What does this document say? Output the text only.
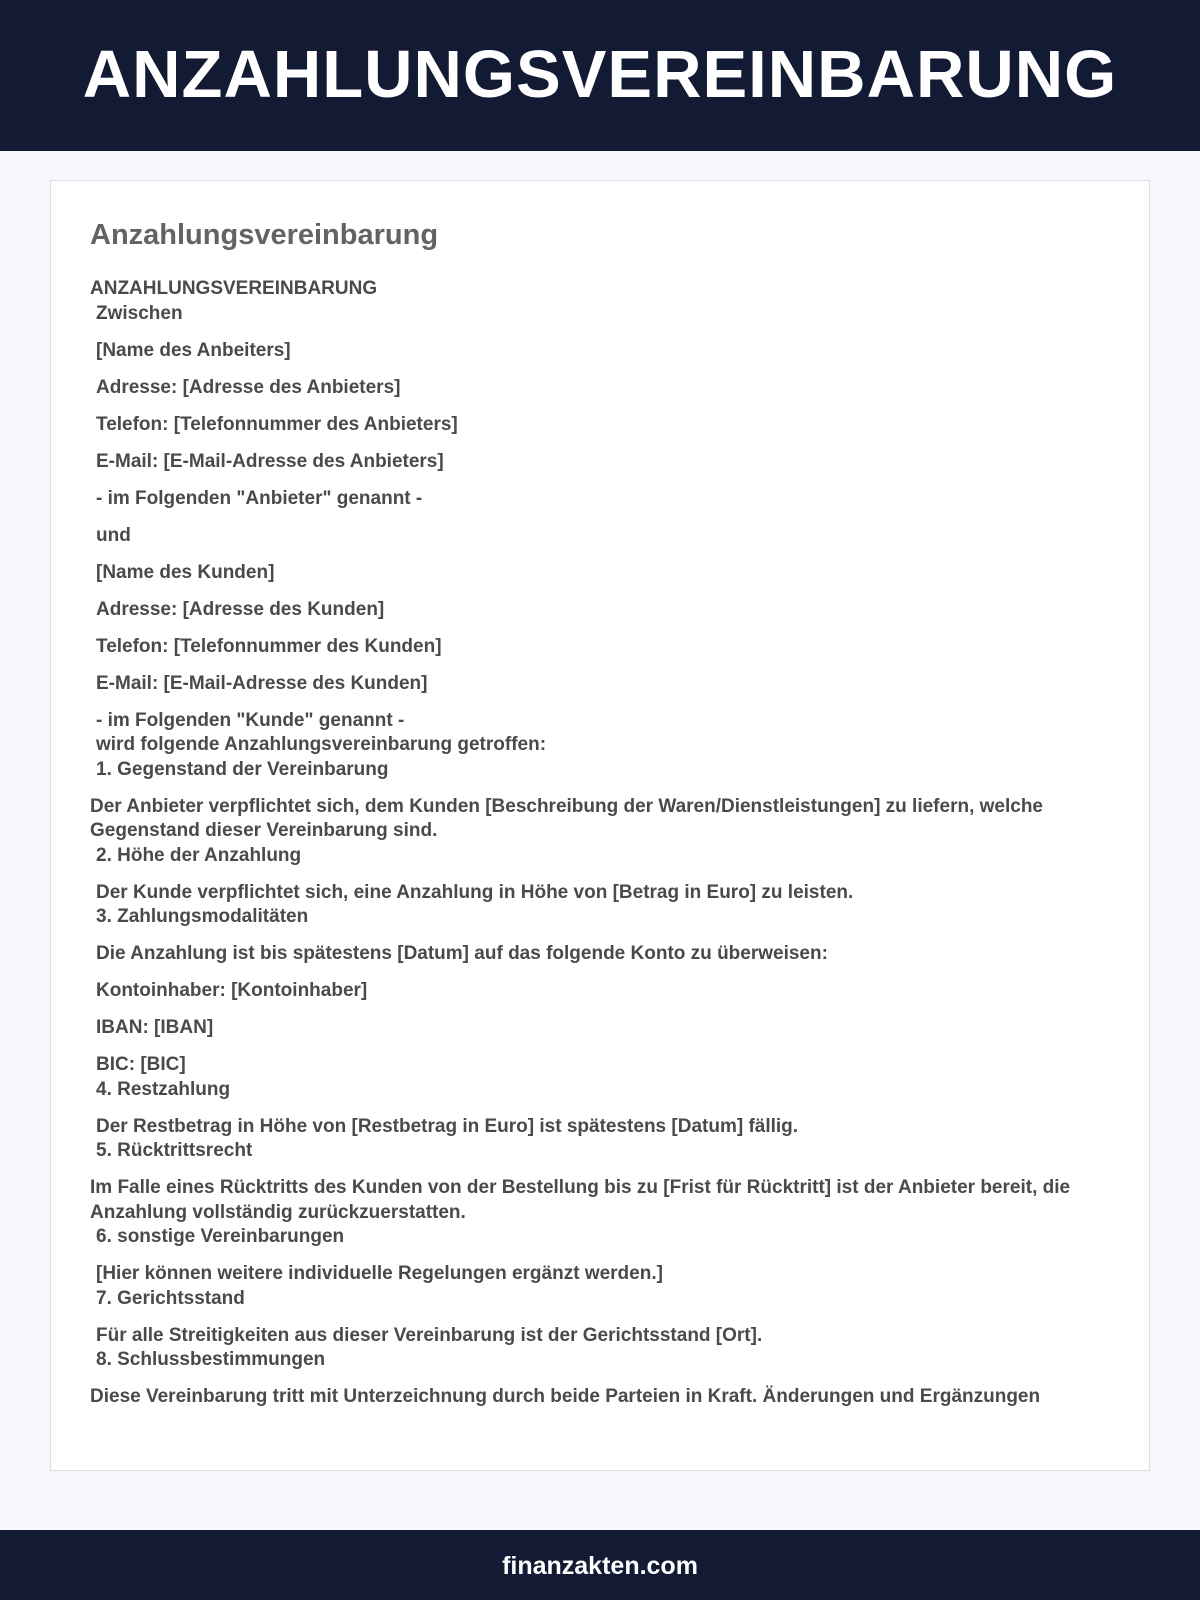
ANZAHLUNGSVEREINBARUNG
Anzahlungsvereinbarung
ANZAHLUNGSVEREINBARUNG
Zwischen
[Name des Anbeiters]
Adresse: [Adresse des Anbieters]
Telefon: [Telefonnummer des Anbieters]
E-Mail: [E-Mail-Adresse des Anbieters]
- im Folgenden "Anbieter" genannt -
und
[Name des Kunden]
Adresse: [Adresse des Kunden]
Telefon: [Telefonnummer des Kunden]
E-Mail: [E-Mail-Adresse des Kunden]
- im Folgenden "Kunde" genannt -
wird folgende Anzahlungsvereinbarung getroffen:
1. Gegenstand der Vereinbarung
Der Anbieter verpflichtet sich, dem Kunden [Beschreibung der Waren/Dienstleistungen] zu liefern, welche Gegenstand dieser Vereinbarung sind.
2. Höhe der Anzahlung
Der Kunde verpflichtet sich, eine Anzahlung in Höhe von [Betrag in Euro] zu leisten.
3. Zahlungsmodalitäten
Die Anzahlung ist bis spätestens [Datum] auf das folgende Konto zu überweisen:
Kontoinhaber: [Kontoinhaber]
IBAN: [IBAN]
BIC: [BIC]
4. Restzahlung
Der Restbetrag in Höhe von [Restbetrag in Euro] ist spätestens [Datum] fällig.
5. Rücktrittsrecht
Im Falle eines Rücktritts des Kunden von der Bestellung bis zu [Frist für Rücktritt] ist der Anbieter bereit, die Anzahlung vollständig zurückzuerstatten.
6. sonstige Vereinbarungen
[Hier können weitere individuelle Regelungen ergänzt werden.]
7. Gerichtsstand
Für alle Streitigkeiten aus dieser Vereinbarung ist der Gerichtsstand [Ort].
8. Schlussbestimmungen
Diese Vereinbarung tritt mit Unterzeichnung durch beide Parteien in Kraft. Änderungen und Ergänzungen
finanzakten.com
